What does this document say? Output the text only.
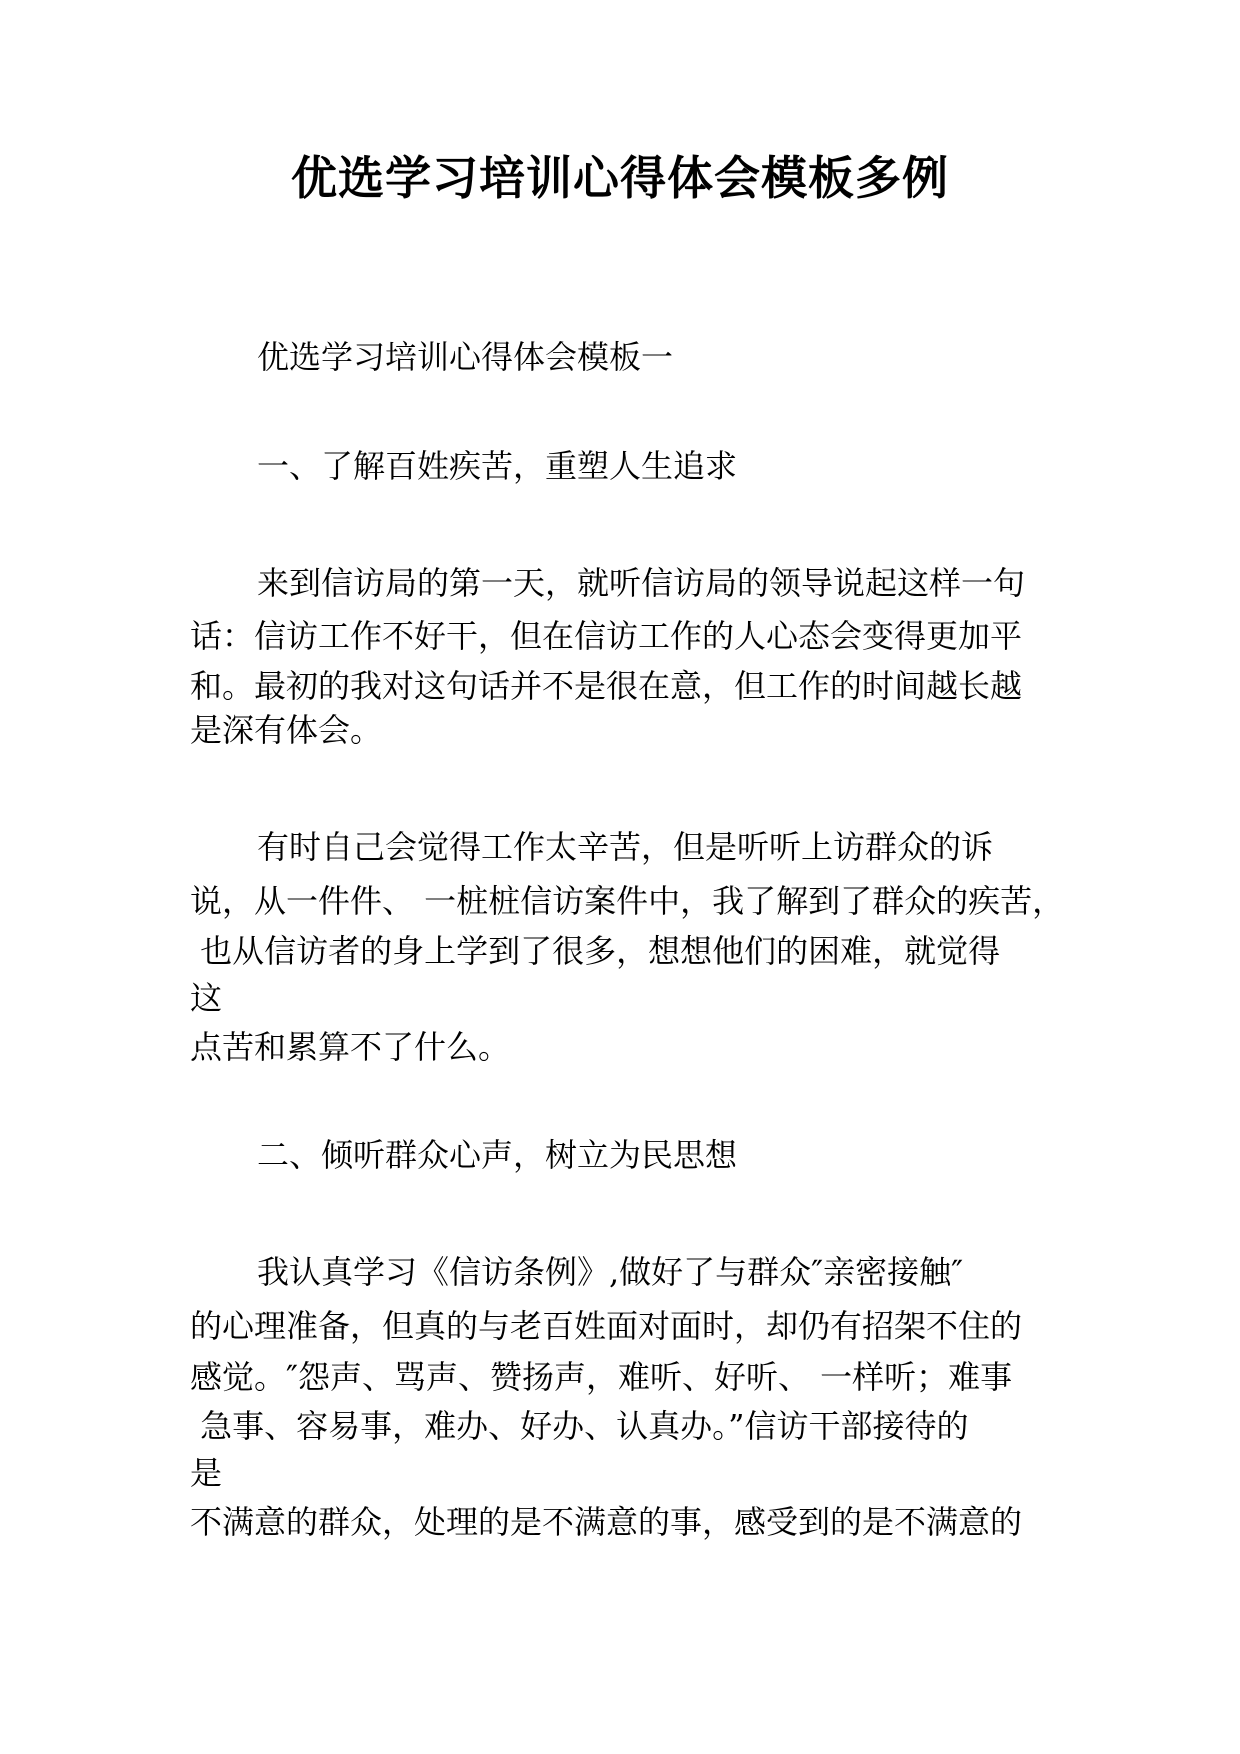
优选学习培训心得体会模板多例

优选学习培训心得体会模板一

一、了解百姓疾苦，重塑人生追求

来到信访局的第一天，就听信访局的领导说起这样一句

话：信访工作不好干，但在信访工作的人心态会变得更加平

和。最初的我对这句话并不是很在意，但工作的时间越长越

是深有体会。

有时自己会觉得工作太辛苦，但是听听上访群众的诉

说，从一件件、 一桩桩信访案件中，我了解到了群众的疾苦，

也从信访者的身上学到了很多，想想他们的困难，就觉得

这

点苦和累算不了什么。

二、倾听群众心声，树立为民思想

我认真学习《信访条例》,做好了与群众″亲密接触″

的心理准备，但真的与老百姓面对面时，却仍有招架不住的

感觉。″怨声、骂声、赞扬声，难听、好听、 一样听；难事

急事、容易事，难办、好办、认真办。”信访干部接待的

是

不满意的群众，处理的是不满意的事，感受到的是不满意的
